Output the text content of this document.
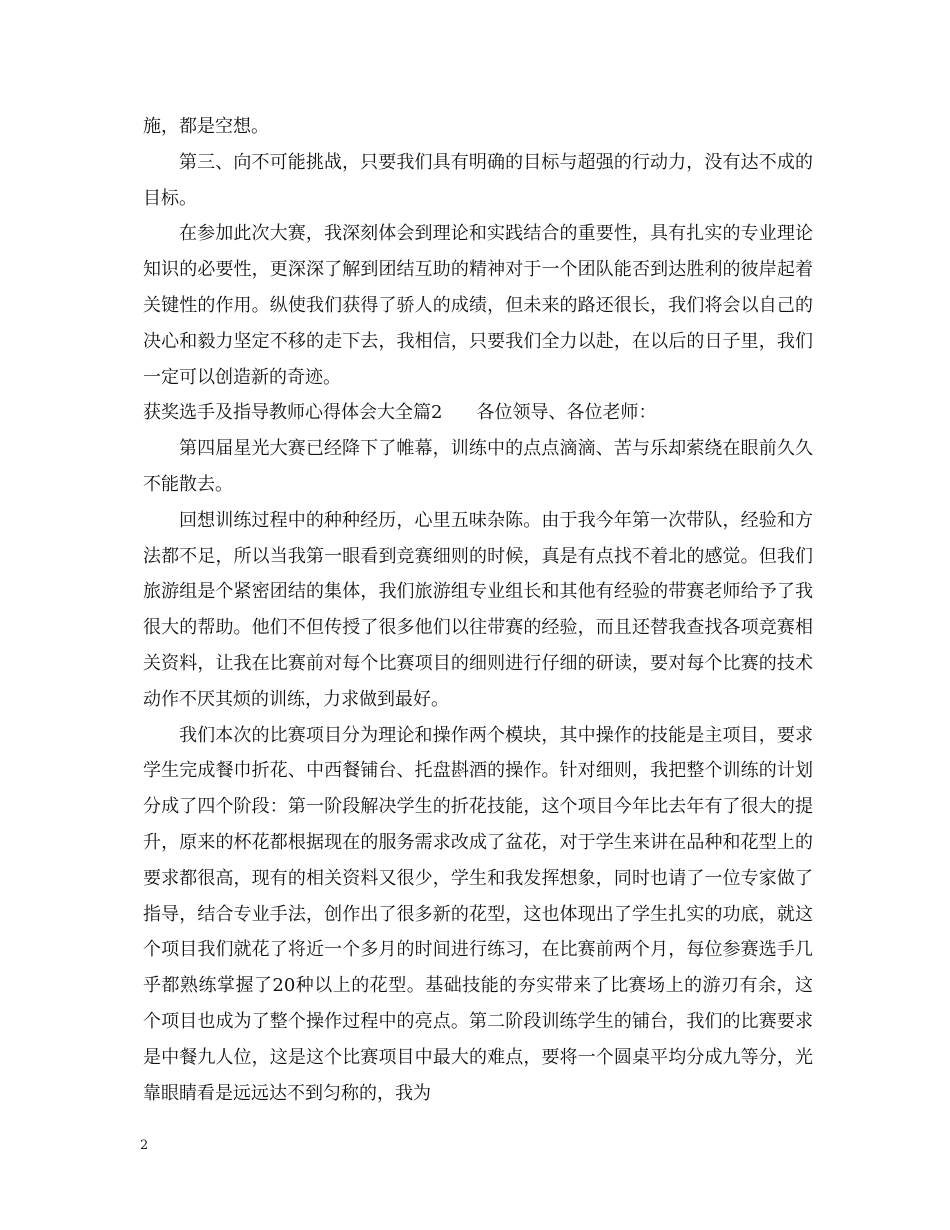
施，都是空想。

第三、向不可能挑战，只要我们具有明确的目标与超强的行动力，没有达不成的目标。

在参加此次大赛，我深刻体会到理论和实践结合的重要性，具有扎实的专业理论知识的必要性，更深深了解到团结互助的精神对于一个团队能否到达胜利的彼岸起着关键性的作用。纵使我们获得了骄人的成绩，但未来的路还很长，我们将会以自己的决心和毅力坚定不移的走下去，我相信，只要我们全力以赴，在以后的日子里，我们一定可以创造新的奇迹。

获奖选手及指导教师心得体会大全篇2 各位领导、各位老师：

第四届星光大赛已经降下了帷幕，训练中的点点滴滴、苦与乐却萦绕在眼前久久不能散去。

回想训练过程中的种种经历，心里五味杂陈。由于我今年第一次带队，经验和方法都不足，所以当我第一眼看到竞赛细则的时候，真是有点找不着北的感觉。但我们旅游组是个紧密团结的集体，我们旅游组专业组长和其他有经验的带赛老师给予了我很大的帮助。他们不但传授了很多他们以往带赛的经验，而且还替我查找各项竞赛相关资料，让我在比赛前对每个比赛项目的细则进行仔细的研读，要对每个比赛的技术动作不厌其烦的训练，力求做到最好。

我们本次的比赛项目分为理论和操作两个模块，其中操作的技能是主项目，要求学生完成餐巾折花、中西餐铺台、托盘斟酒的操作。针对细则，我把整个训练的计划分成了四个阶段：第一阶段解决学生的折花技能，这个项目今年比去年有了很大的提升，原来的杯花都根据现在的服务需求改成了盆花，对于学生来讲在品种和花型上的要求都很高，现有的相关资料又很少，学生和我发挥想象，同时也请了一位专家做了指导，结合专业手法，创作出了很多新的花型，这也体现出了学生扎实的功底，就这个项目我们就花了将近一个多月的时间进行练习，在比赛前两个月，每位参赛选手几乎都熟练掌握了20种以上的花型。基础技能的夯实带来了比赛场上的游刃有余，这个项目也成为了整个操作过程中的亮点。第二阶段训练学生的铺台，我们的比赛要求是中餐九人位，这是这个比赛项目中最大的难点，要将一个圆桌平均分成九等分，光靠眼睛看是远远达不到匀称的，我为

2
